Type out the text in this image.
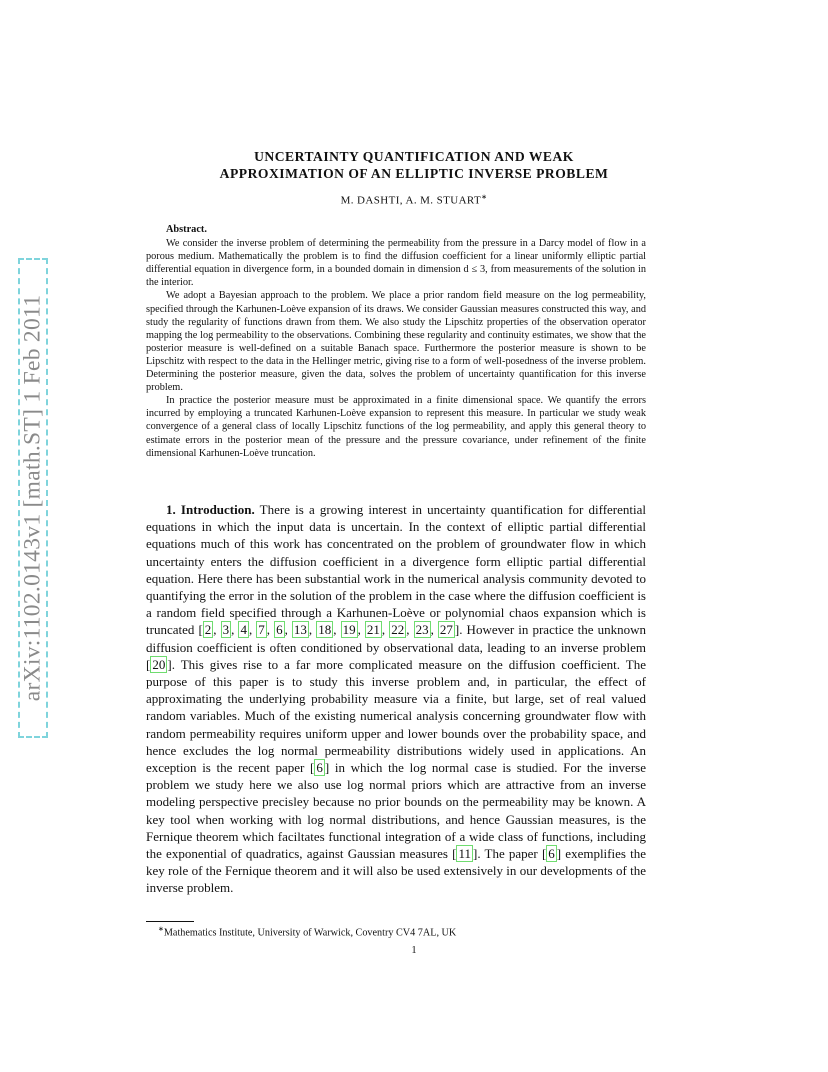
arXiv:1102.0143v1 [math.ST] 1 Feb 2011
UNCERTAINTY QUANTIFICATION AND WEAK
APPROXIMATION OF AN ELLIPTIC INVERSE PROBLEM
M. DASHTI, A. M. STUART∗
Abstract.

We consider the inverse problem of determining the permeability from the pressure in a Darcy model of flow in a porous medium. Mathematically the problem is to find the diffusion coefficient for a linear uniformly elliptic partial differential equation in divergence form, in a bounded domain in dimension d ≤ 3, from measurements of the solution in the interior.

We adopt a Bayesian approach to the problem. We place a prior random field measure on the log permeability, specified through the Karhunen-Loève expansion of its draws. We consider Gaussian measures constructed this way, and study the regularity of functions drawn from them. We also study the Lipschitz properties of the observation operator mapping the log permeability to the observations. Combining these regularity and continuity estimates, we show that the posterior measure is well-defined on a suitable Banach space. Furthermore the posterior measure is shown to be Lipschitz with respect to the data in the Hellinger metric, giving rise to a form of well-posedness of the inverse problem. Determining the posterior measure, given the data, solves the problem of uncertainty quantification for this inverse problem.

In practice the posterior measure must be approximated in a finite dimensional space. We quantify the errors incurred by employing a truncated Karhunen-Loève expansion to represent this measure. In particular we study weak convergence of a general class of locally Lipschitz functions of the log permeability, and apply this general theory to estimate errors in the posterior mean of the pressure and the pressure covariance, under refinement of the finite dimensional Karhunen-Loève truncation.

1. Introduction. There is a growing interest in uncertainty quantification for differential equations in which the input data is uncertain. In the context of elliptic partial differential equations much of this work has concentrated on the problem of groundwater flow in which uncertainty enters the diffusion coefficient in a divergence form elliptic partial differential equation. Here there has been substantial work in the numerical analysis community devoted to quantifying the error in the solution of the problem in the case where the diffusion coefficient is a random field specified through a Karhunen-Loève or polynomial chaos expansion which is truncated [ 2 , 3 , 4 , 7 , 6 , 13 , 18 , 19 , 21 , 22 , 23 , 27 ]. However in practice the unknown diffusion coefficient is often conditioned by observational data, leading to an inverse problem [ 20 ]. This gives rise to a far more complicated measure on the diffusion coefficient. The purpose of this paper is to study this inverse problem and, in particular, the effect of approximating the underlying probability measure via a finite, but large, set of real valued random variables. Much of the existing numerical analysis concerning groundwater flow with random permeability requires uniform upper and lower bounds over the probability space, and hence excludes the log normal permeability distributions widely used in applications. An exception is the recent paper [ 6 ] in which the log normal case is studied. For the inverse problem we study here we also use log normal priors which are attractive from an inverse modeling perspective precisley because no prior bounds on the permeability may be known. A key tool when working with log normal distributions, and hence Gaussian measures, is the Fernique theorem which faciltates functional integration of a wide class of functions, including the exponential of quadratics, against Gaussian measures [ 11 ]. The paper [ 6 ] exemplifies the key role of the Fernique theorem and it will also be used extensively in our developments of the inverse problem.

∗Mathematics Institute, University of Warwick, Coventry CV4 7AL, UK
1
